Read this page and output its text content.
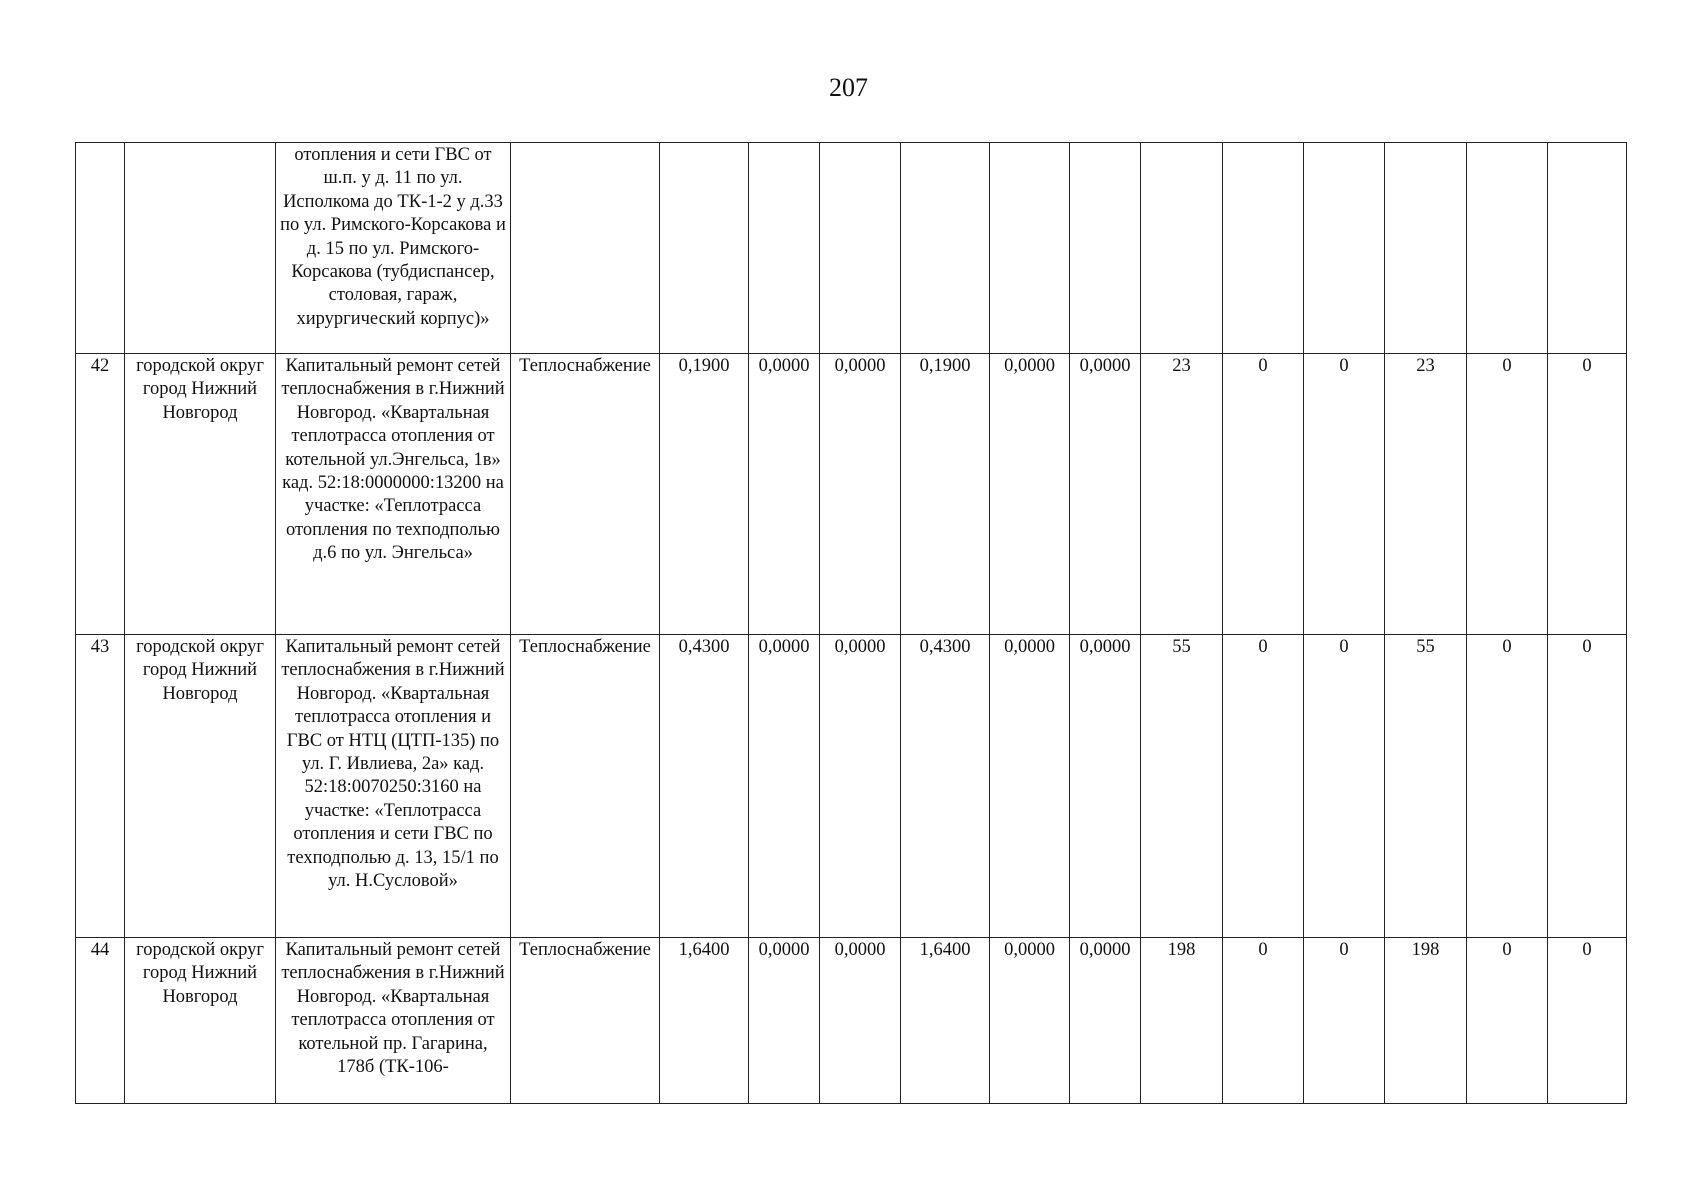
207
		отопления и сети ГВС от ш.п. у д. 11 по ул. Исполкома до ТК-1-2 у д.33 по ул. Римского-Корсакова и д. 15 по ул. Римского-Корсакова (тубдиспансер, столовая, гараж, хирургический корпус)»													
42	городской округ город Нижний Новгород	Капитальный ремонт сетей теплоснабжения в г.Нижний Новгород. «Квартальная теплотрасса отопления от котельной ул.Энгельса, 1в» кад. 52:18:0000000:13200 на участке: «Теплотрасса отопления по техподполью д.6 по ул. Энгельса»	Теплоснабжение	0,1900	0,0000	0,0000	0,1900	0,0000	0,0000	23	0	0	23	0	0
43	городской округ город Нижний Новгород	Капитальный ремонт сетей теплоснабжения в г.Нижний Новгород. «Квартальная теплотрасса отопления и ГВС от НТЦ (ЦТП-135) по ул. Г. Ивлиева, 2а» кад. 52:18:0070250:3160 на участке: «Теплотрасса отопления и сети ГВС по техподполью д. 13, 15/1 по ул. Н.Сусловой»	Теплоснабжение	0,4300	0,0000	0,0000	0,4300	0,0000	0,0000	55	0	0	55	0	0
44	городской округ город Нижний Новгород	Капитальный ремонт сетей теплоснабжения в г.Нижний Новгород. «Квартальная теплотрасса отопления от котельной пр. Гагарина, 178б (ТК-106-	Теплоснабжение	1,6400	0,0000	0,0000	1,6400	0,0000	0,0000	198	0	0	198	0	0
